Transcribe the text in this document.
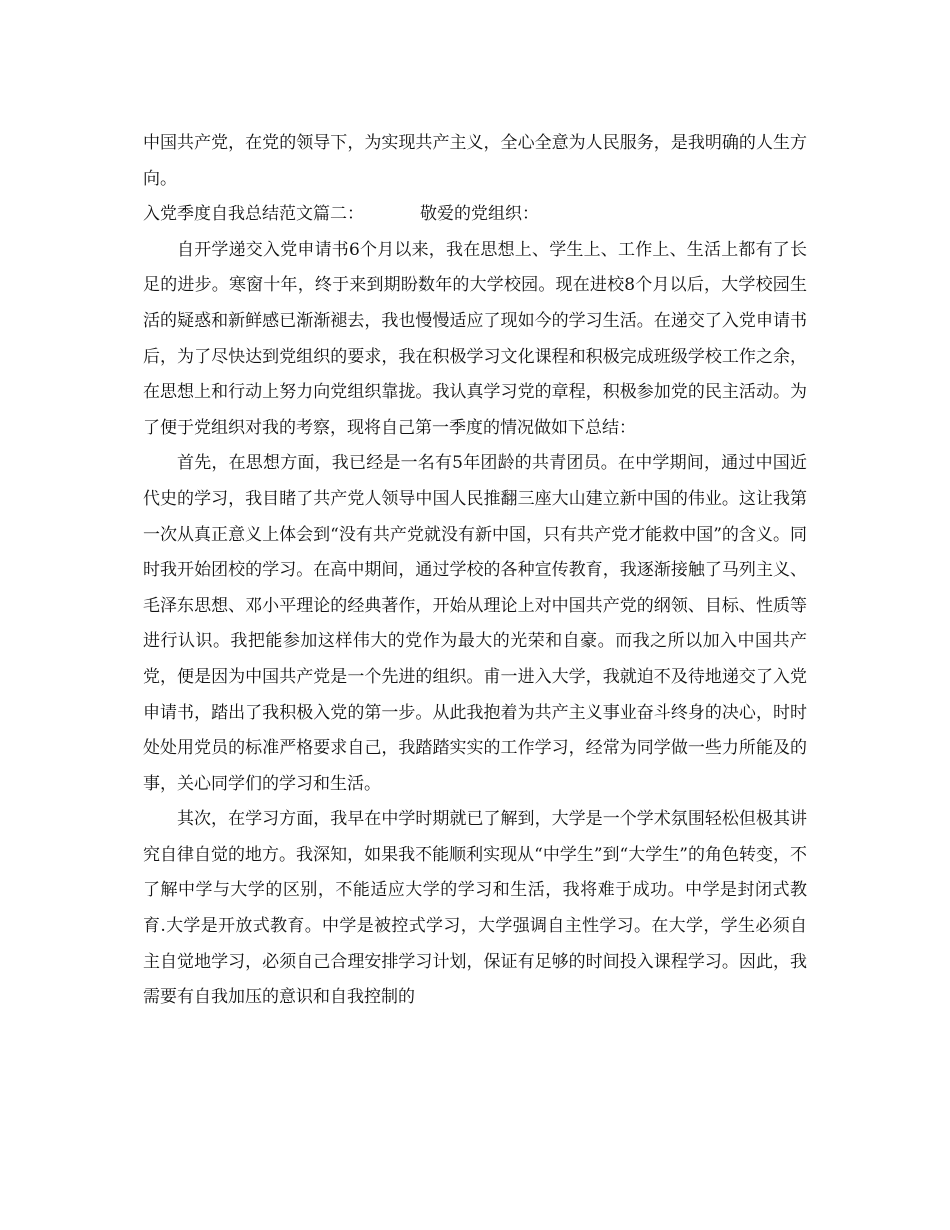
中国共产党，在党的领导下，为实现共产主义，全心全意为人民服务，是我明确的人生方向。

入党季度自我总结范文篇二：	敬爱的党组织：

自开学递交入党申请书6个月以来，我在思想上、学生上、工作上、生活上都有了长足的进步。寒窗十年，终于来到期盼数年的大学校园。现在进校8个月以后，大学校园生活的疑惑和新鲜感已渐渐褪去，我也慢慢适应了现如今的学习生活。在递交了入党申请书后，为了尽快达到党组织的要求，我在积极学习文化课程和积极完成班级学校工作之余，在思想上和行动上努力向党组织靠拢。我认真学习党的章程，积极参加党的民主活动。为了便于党组织对我的考察，现将自己第一季度的情况做如下总结：

首先，在思想方面，我已经是一名有5年团龄的共青团员。在中学期间，通过中国近代史的学习，我目睹了共产党人领导中国人民推翻三座大山建立新中国的伟业。这让我第一次从真正意义上体会到“没有共产党就没有新中国，只有共产党才能救中国”的含义。同时我开始团校的学习。在高中期间，通过学校的各种宣传教育，我逐渐接触了马列主义、毛泽东思想、邓小平理论的经典著作，开始从理论上对中国共产党的纲领、目标、性质等进行认识。我把能参加这样伟大的党作为最大的光荣和自豪。而我之所以加入中国共产党，便是因为中国共产党是一个先进的组织。甫一进入大学，我就迫不及待地递交了入党申请书，踏出了我积极入党的第一步。从此我抱着为共产主义事业奋斗终身的决心，时时处处用党员的标准严格要求自己，我踏踏实实的工作学习，经常为同学做一些力所能及的事，关心同学们的学习和生活。

其次，在学习方面，我早在中学时期就已了解到，大学是一个学术氛围轻松但极其讲究自律自觉的地方。我深知，如果我不能顺利实现从“中学生”到“大学生”的角色转变，不了解中学与大学的区别，不能适应大学的学习和生活，我将难于成功。中学是封闭式教育.大学是开放式教育。中学是被控式学习，大学强调自主性学习。在大学，学生必须自主自觉地学习，必须自己合理安排学习计划，保证有足够的时间投入课程学习。因此，我需要有自我加压的意识和自我控制的
